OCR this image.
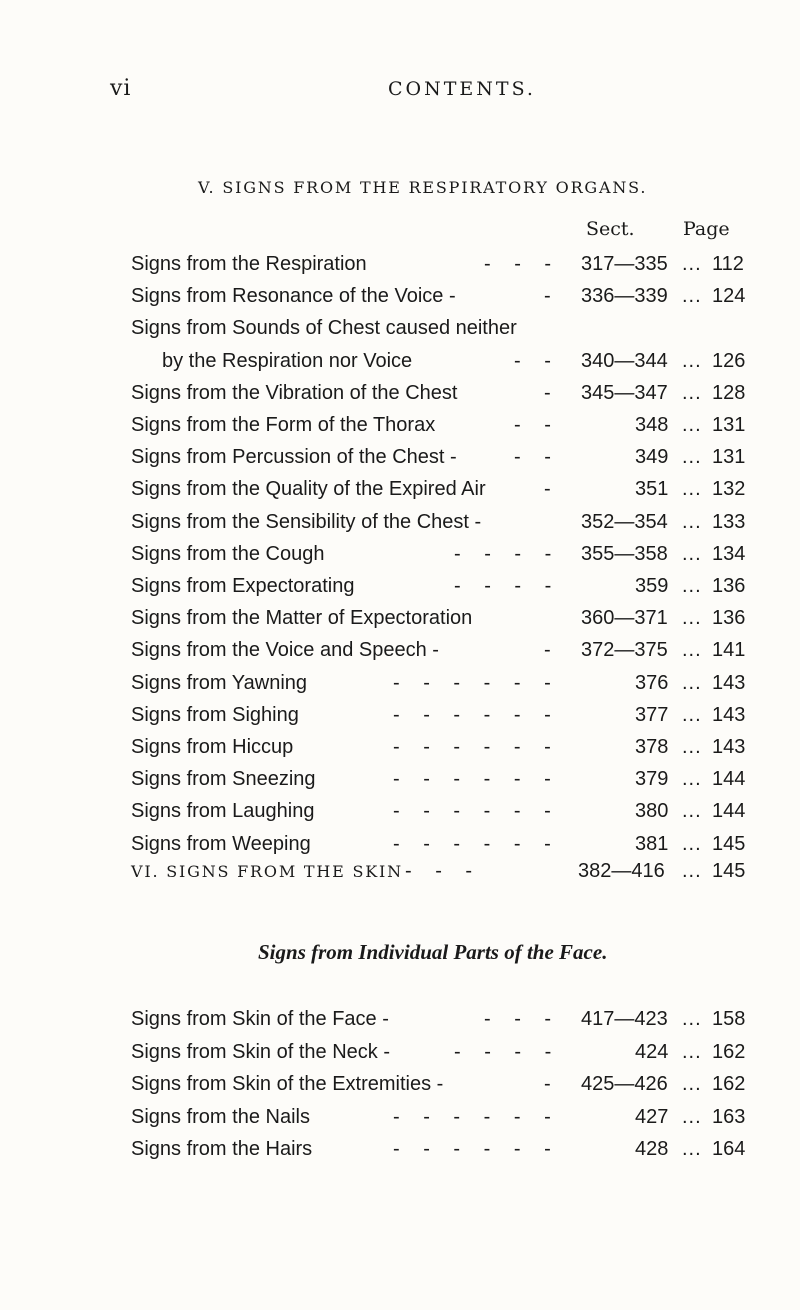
vi	CONTENTS.
V. SIGNS FROM THE RESPIRATORY ORGANS.
Sect.	Page
Signs from the Respiration	- - - 317—335 ... 112
Signs from Resonance of the Voice -	- 336—339 ... 124
Signs from Sounds of Chest caused neither
by the Respiration nor Voice	- - 340—344 ... 126
Signs from the Vibration of the Chest	- 345—347 ... 128
Signs from the Form of the Thorax	- -	348 ... 131
Signs from Percussion of the Chest -	- -	349 ... 131
Signs from the Quality of the Expired Air	-	351 ... 132
Signs from the Sensibility of the Chest -	352—354 ... 133
Signs from the Cough	- - - - 355—358 ... 134
Signs from Expectorating	- - - -	359 ... 136
Signs from the Matter of Expectoration	360—371 ... 136
Signs from the Voice and Speech -	- 372—375 ... 141
Signs from Yawning	- - - - - -	376 ... 143
Signs from Sighing	- - - - - -	377 ... 143
Signs from Hiccup	- - - - - -	378 ... 143
Signs from Sneezing	- - - - - -	379 ... 144
Signs from Laughing	- - - - - -	380 ... 144
Signs from Weeping	- - - - - -	381 ... 145
VI. SIGNS FROM THE SKIN - - -	382—416 ... 145
Signs from Individual Parts of the Face.
Signs from Skin of the Face -	- - - 417—423 ... 158
Signs from Skin of the Neck -	- - - -	424 ... 162
Signs from Skin of the Extremities -	- 425—426 ... 162
Signs from the Nails	- - - - - -	427 ... 163
Signs from the Hairs	- - - - - -	428 ... 164
